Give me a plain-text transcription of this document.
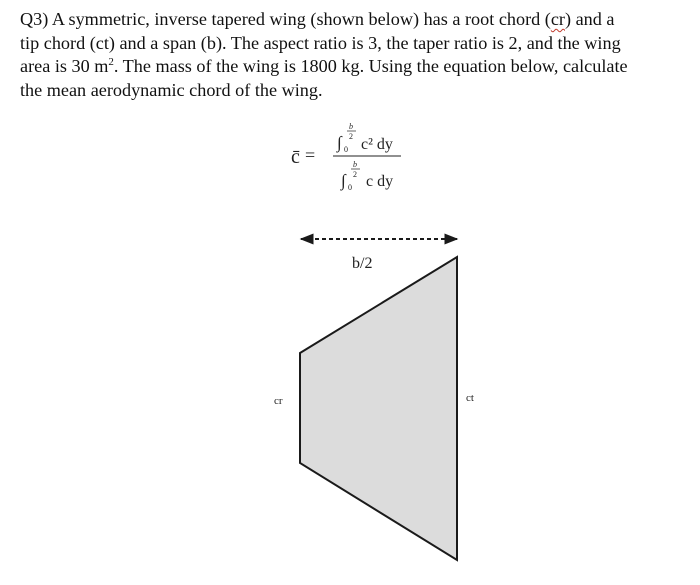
Q3) A symmetric, inverse tapered wing (shown below) has a root chord (cr) and a
tip chord (ct) and a span (b). The aspect ratio is 3, the taper ratio is 2, and the wing
area is 30 $m^2$. The mass of the wing is 1800 kg. Using the equation below, calculate
the mean aerodynamic chord of the wing.

c̄ =
∫ 0
b
2 c² dy
∫ 0
b
2 c dy
b/2
cr	ct
